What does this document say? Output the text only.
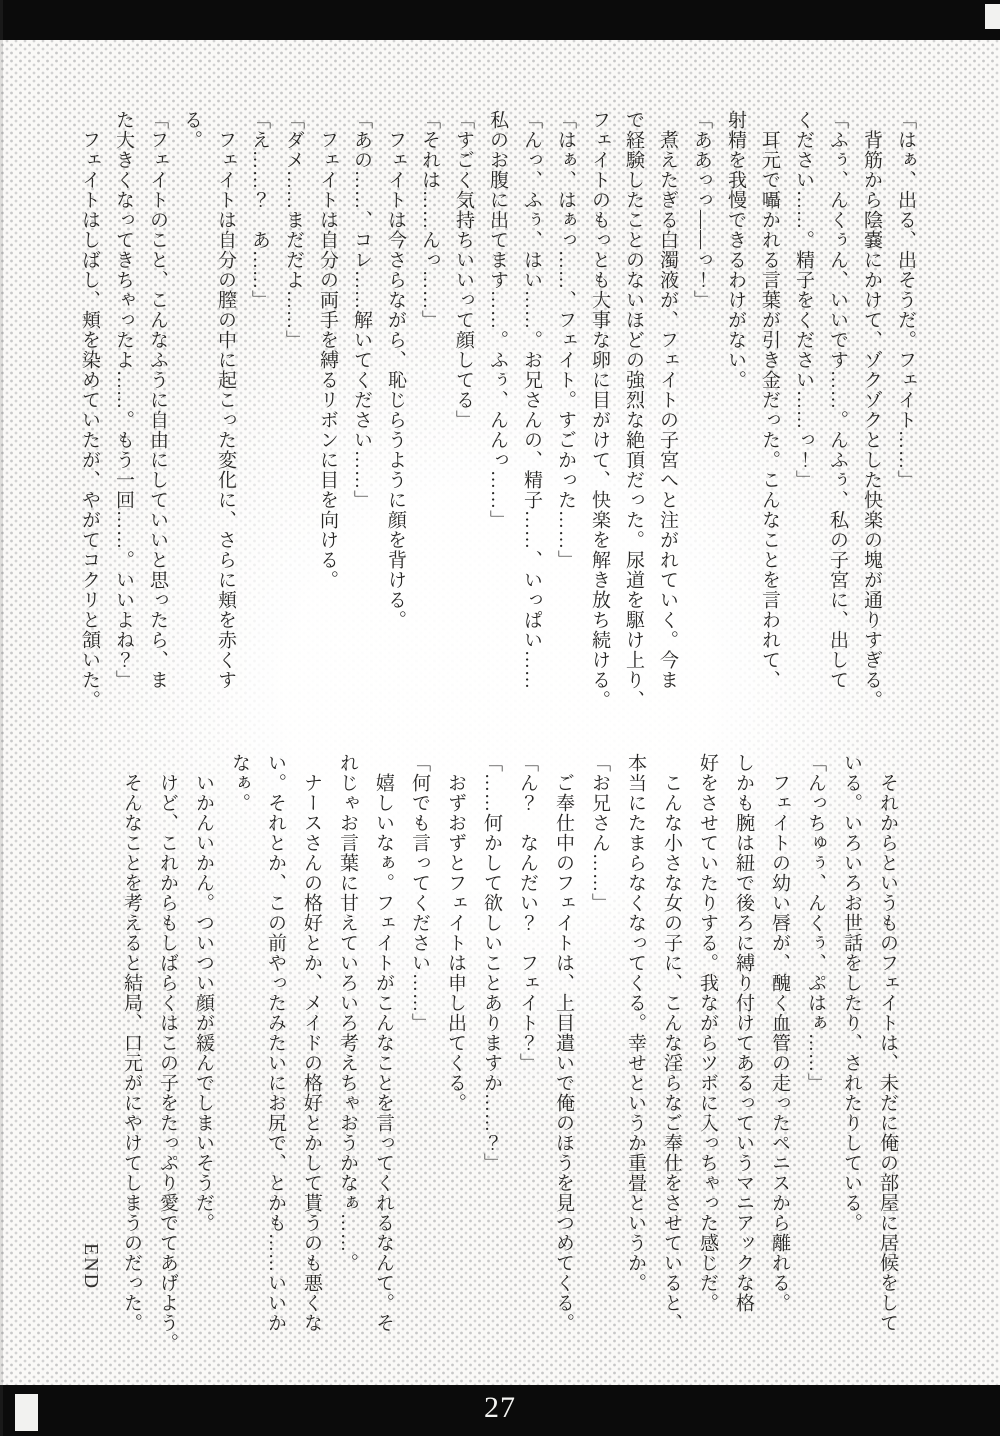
「はぁ、出る、出そうだ。フェイト……」

　背筋から陰嚢にかけて、ゾクゾクとした快楽の塊が通りすぎる。

「ふぅ、んくぅん、いいです……。んふぅ、私の子宮に、出して

ください……。精子をください……っ！」

　耳元で囁かれる言葉が引き金だった。こんなことを言われて、

射精を我慢できるわけがない。

「ああっっ――っ！」

　煮えたぎる白濁液が、フェイトの子宮へと注がれていく。今ま

で経験したことのないほどの強烈な絶頂だった。尿道を駆け上り、

フェイトのもっとも大事な卵に目がけて、快楽を解き放ち続ける。

「はぁ、はぁっ……、フェイト。すごかった……」

「んっ、ふぅ、はい……。お兄さんの、精子……、いっぱい……

私のお腹に出てます……。ふぅ、んんっ……」

「すごく気持ちいいって顔してる」

「それは……んっ……」

　フェイトは今さらながら、恥じらうように顔を背ける。

「あの……、コレ……解いてください……」

　フェイトは自分の両手を縛るリボンに目を向ける。

「ダメ……まだだよ……」

「え……？　あ……」

　フェイトは自分の膣の中に起こった変化に、さらに頬を赤くす

る。

「フェイトのこと、こんなふうに自由にしていいと思ったら、ま

た大きくなってきちゃったよ……。もう一回……。いいよね？」

　フェイトはしばし、頬を染めていたが、やがてコクリと頷いた。

　それからというものフェイトは、未だに俺の部屋に居候をして

いる。いろいろお世話をしたり、されたりしている。

「んっちゅぅ、んくぅ、ぷはぁ……」

　フェイトの幼い唇が、醜く血管の走ったペニスから離れる。

しかも腕は紐で後ろに縛り付けてあるっていうマニアックな格

好をさせていたりする。我ながらツボに入っちゃった感じだ。

　こんな小さな女の子に、こんな淫らなご奉仕をさせていると、

本当にたまらなくなってくる。幸せというか重畳というか。

「お兄さん……」

　ご奉仕中のフェイトは、上目遣いで俺のほうを見つめてくる。

「ん？　なんだい？　フェイト？」

「……何かして欲しいことありますか……？」

　おずおずとフェイトは申し出てくる。

「何でも言ってください……」

　嬉しいなぁ。フェイトがこんなことを言ってくれるなんて。そ

れじゃお言葉に甘えていろいろ考えちゃおうかなぁ……。

　ナースさんの格好とか、メイドの格好とかして貰うのも悪くな

い。それとか、この前やったみたいにお尻で、とかも……いいか

なぁ。

　いかんいかん。ついつい顔が緩んでしまいそうだ。

　けど、これからもしばらくはこの子をたっぷり愛でてあげよう。

　そんなことを考えると結局、口元がにやけてしまうのだった。

END
27
